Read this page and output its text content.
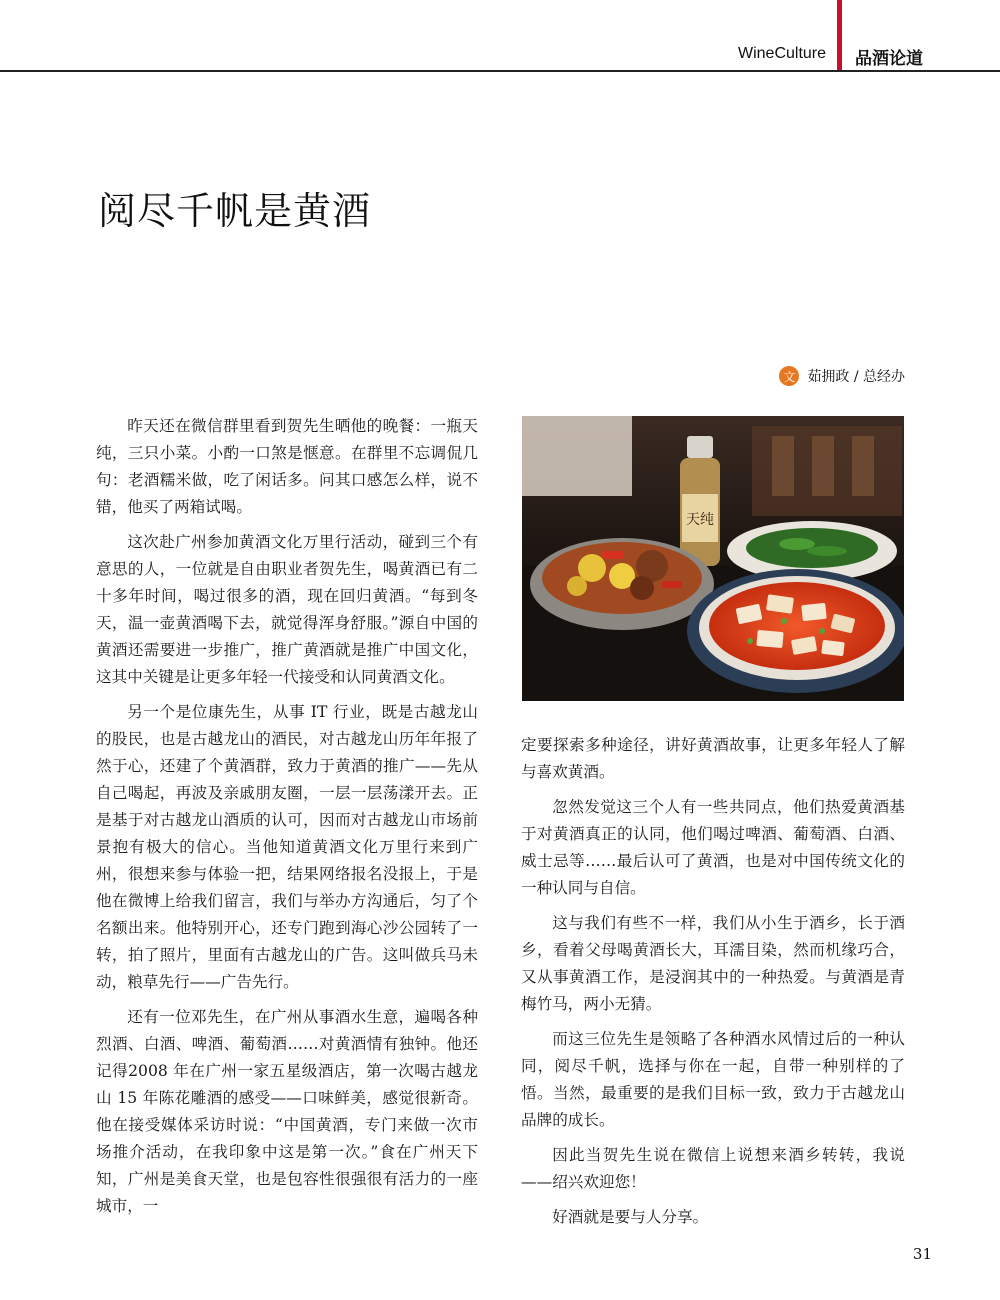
WineCulture 品酒论道
阅尽千帆是黄酒
文 茹拥政 / 总经办

昨天还在微信群里看到贺先生晒他的晚餐：一瓶天纯，三只小菜。小酌一口煞是惬意。在群里不忘调侃几句：老酒糯米做，吃了闲话多。问其口感怎么样，说不错，他买了两箱试喝。

这次赴广州参加黄酒文化万里行活动，碰到三个有意思的人，一位就是自由职业者贺先生，喝黄酒已有二十多年时间，喝过很多的酒，现在回归黄酒。“每到冬天，温一壶黄酒喝下去，就觉得浑身舒服。”源自中国的黄酒还需要进一步推广，推广黄酒就是推广中国文化，这其中关键是让更多年轻一代接受和认同黄酒文化。

另一个是位康先生，从事 IT 行业，既是古越龙山的股民，也是古越龙山的酒民，对古越龙山历年年报了然于心，还建了个黄酒群，致力于黄酒的推广——先从自己喝起，再波及亲戚朋友圈，一层一层荡漾开去。正是基于对古越龙山酒质的认可，因而对古越龙山市场前景抱有极大的信心。当他知道黄酒文化万里行来到广州，很想来参与体验一把，结果网络报名没报上，于是他在微博上给我们留言，我们与举办方沟通后，匀了个名额出来。他特别开心，还专门跑到海心沙公园转了一转，拍了照片，里面有古越龙山的广告。这叫做兵马未动，粮草先行——广告先行。

还有一位邓先生，在广州从事酒水生意，遍喝各种烈酒、白酒、啤酒、葡萄酒……对黄酒情有独钟。他还记得2008 年在广州一家五星级酒店，第一次喝古越龙山 15 年陈花雕酒的感受——口味鲜美，感觉很新奇。他在接受媒体采访时说：“中国黄酒，专门来做一次市场推介活动，在我印象中这是第一次。”食在广州天下知，广州是美食天堂，也是包容性很强很有活力的一座城市，一

天纯

定要探索多种途径，讲好黄酒故事，让更多年轻人了解与喜欢黄酒。

忽然发觉这三个人有一些共同点，他们热爱黄酒基于对黄酒真正的认同，他们喝过啤酒、葡萄酒、白酒、威士忌等……最后认可了黄酒，也是对中国传统文化的一种认同与自信。

这与我们有些不一样，我们从小生于酒乡，长于酒乡，看着父母喝黄酒长大，耳濡目染，然而机缘巧合，又从事黄酒工作，是浸润其中的一种热爱。与黄酒是青梅竹马，两小无猜。

而这三位先生是领略了各种酒水风情过后的一种认同，阅尽千帆，选择与你在一起，自带一种别样的了悟。当然，最重要的是我们目标一致，致力于古越龙山品牌的成长。

因此当贺先生说在微信上说想来酒乡转转，我说——绍兴欢迎您！

好酒就是要与人分享。

31
